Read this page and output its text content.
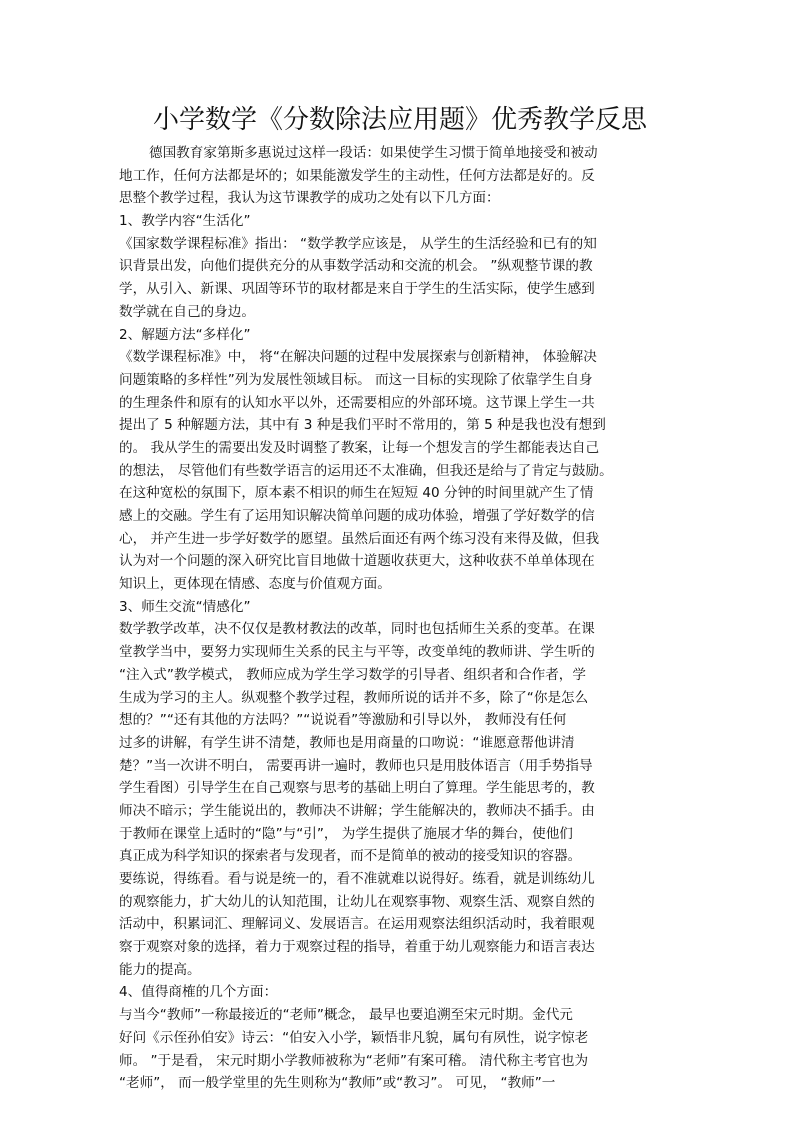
小学数学《分数除法应用题》优秀教学反思
德国教育家第斯多惠说过这样一段话：如果使学生习惯于简单地接受和被动
地工作，任何方法都是坏的；如果能激发学生的主动性，任何方法都是好的。反
思整个教学过程，我认为这节课教学的成功之处有以下几方面：
1、教学内容“生活化”
《国家数学课程标准》指出： “数学教学应该是， 从学生的生活经验和已有的知
识背景出发，向他们提供充分的从事数学活动和交流的机会。 ”纵观整节课的教
学，从引入、新课、巩固等环节的取材都是来自于学生的生活实际，使学生感到
数学就在自己的身边。
2、解题方法“多样化”
《数学课程标准》中， 将“在解决问题的过程中发展探索与创新精神， 体验解决
问题策略的多样性”列为发展性领域目标。 而这一目标的实现除了依靠学生自身
的生理条件和原有的认知水平以外，还需要相应的外部环境。这节课上学生一共
提出了 5 种解题方法，其中有 3 种是我们平时不常用的，第 5 种是我也没有想到
的。 我从学生的需要出发及时调整了教案，让每一个想发言的学生都能表达自己
的想法， 尽管他们有些数学语言的运用还不太准确，但我还是给与了肯定与鼓励。
在这种宽松的氛围下，原本素不相识的师生在短短 40 分钟的时间里就产生了情
感上的交融。学生有了运用知识解决简单问题的成功体验，增强了学好数学的信
心， 并产生进一步学好数学的愿望。虽然后面还有两个练习没有来得及做，但我
认为对一个问题的深入研究比盲目地做十道题收获更大，这种收获不单单体现在
知识上，更体现在情感、态度与价值观方面。
3、师生交流“情感化”
数学教学改革，决不仅仅是教材教法的改革，同时也包括师生关系的变革。在课
堂教学当中，要努力实现师生关系的民主与平等，改变单纯的教师讲、学生听的
“注入式”教学模式， 教师应成为学生学习数学的引导者、组织者和合作者，学
生成为学习的主人。纵观整个教学过程，教师所说的话并不多，除了“你是怎么
想的？”“还有其他的方法吗？”“说说看”等激励和引导以外， 教师没有任何
过多的讲解，有学生讲不清楚，教师也是用商量的口吻说：“谁愿意帮他讲清
楚？”当一次讲不明白， 需要再讲一遍时，教师也只是用肢体语言（用手势指导
学生看图）引导学生在自己观察与思考的基础上明白了算理。学生能思考的，教
师决不暗示；学生能说出的，教师决不讲解；学生能解决的，教师决不插手。由
于教师在课堂上适时的“隐”与“引”， 为学生提供了施展才华的舞台，使他们
真正成为科学知识的探索者与发现者，而不是简单的被动的接受知识的容器。
要练说，得练看。看与说是统一的，看不准就难以说得好。练看，就是训练幼儿
的观察能力，扩大幼儿的认知范围，让幼儿在观察事物、观察生活、观察自然的
活动中，积累词汇、理解词义、发展语言。在运用观察法组织活动时，我着眼观
察于观察对象的选择，着力于观察过程的指导，着重于幼儿观察能力和语言表达
能力的提高。
4、值得商榷的几个方面：
与当今“教师”一称最接近的“老师”概念， 最早也要追溯至宋元时期。金代元
好问《示侄孙伯安》诗云：“伯安入小学，颖悟非凡貌，属句有夙性，说字惊老
师。 ”于是看， 宋元时期小学教师被称为“老师”有案可稽。 清代称主考官也为
“老师”， 而一般学堂里的先生则称为“教师”或“教习”。 可见， “教师”一
